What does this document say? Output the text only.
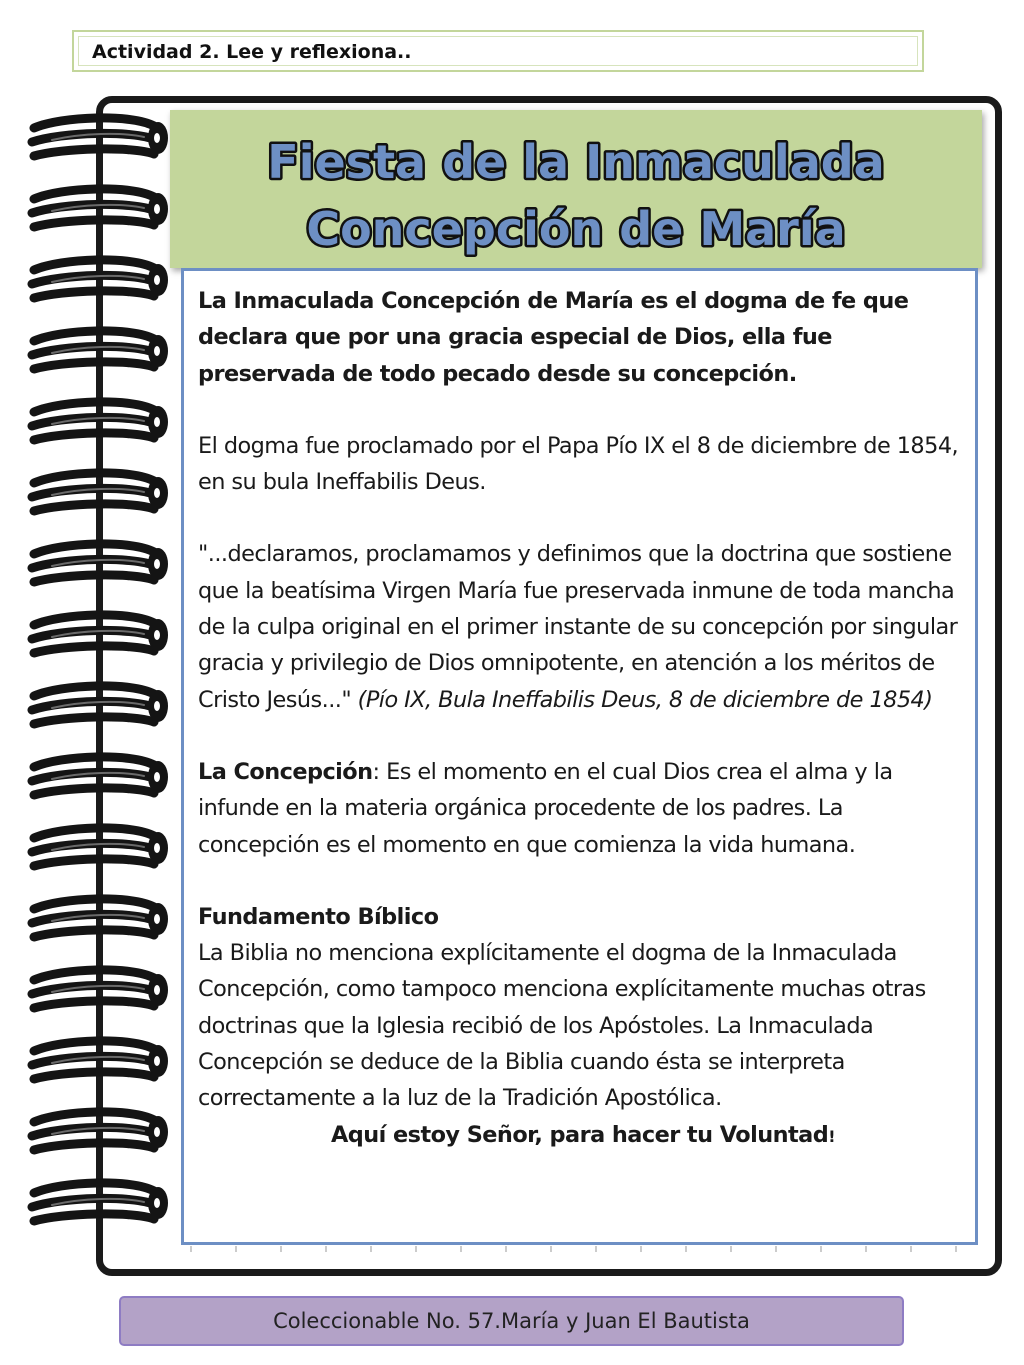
Actividad 2. Lee y reflexiona..
Fiesta de la Inmaculada
Concepción de María

La Inmaculada Concepción de María es el dogma de fe que declara que por una gracia especial de Dios, ella fue preservada de todo pecado desde su concepción.

El dogma fue proclamado por el Papa Pío IX el 8 de diciembre de 1854, en su bula Ineffabilis Deus.

"...declaramos, proclamamos y definimos que la doctrina que sostiene que la beatísima Virgen María fue preservada inmune de toda mancha de la culpa original en el primer instante de su concepción por singular gracia y privilegio de Dios omnipotente, en atención a los méritos de Cristo Jesús..." (Pío IX, Bula Ineffabilis Deus, 8 de diciembre de 1854)

La Concepción: Es el momento en el cual Dios crea el alma y la infunde en la materia orgánica procedente de los padres. La concepción es el momento en que comienza la vida humana.

Fundamento Bíblico

La Biblia no menciona explícitamente el dogma de la Inmaculada Concepción, como tampoco menciona explícitamente muchas otras doctrinas que la Iglesia recibió de los Apóstoles. La Inmaculada Concepción se deduce de la Biblia cuando ésta se interpreta correctamente a la luz de la Tradición Apostólica.

Aquí estoy Señor, para hacer tu Voluntad!

Coleccionable No. 57.María y Juan El Bautista
